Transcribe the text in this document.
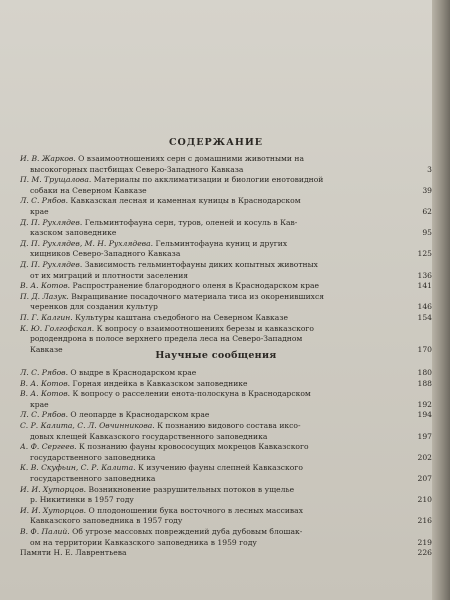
СОДЕРЖАНИЕ
И. В. Жарков. О взаимоотношениях серн с домашними животными на
высокогорных пастбищах Северо-Западного Кавказа	3
П. М. Трущалова. Материалы по акклиматизации и биологии енотовидной
собаки на Северном Кавказе	39
Л. С. Рябов. Кавказская лесная и каменная куницы в Краснодарском
крае	62
Д. П. Рухлядев. Гельминтофауна серн, туров, оленей и косуль в Кав-
казском заповеднике	95
Д. П. Рухлядев, М. Н. Рухлядева. Гельминтофауна куниц и других
хищников Северо-Западного Кавказа	125
Д. П. Рухлядев. Зависимость гельминтофауны диких копытных животных
от их миграций и плотности заселения	136
В. А. Котов. Распространение благородного оленя в Краснодарском крае	141
П. Д. Лазук. Выращивание посадочного материала тиса из окоренившихся
черенков для создания культур	146
П. Г. Калгин. Культуры каштана съедобного на Северном Кавказе	154
К. Ю. Голгофская. К вопросу о взаимоотношениях березы и кавказского
рододендрона в полосе верхнего предела леса на Северо-Западном
Кавказе	170
Научные сообщения
Л. С. Рябов. О выдре в Краснодарском крае	180
В. А. Котов. Горная индейка в Кавказском заповеднике	188
В. А. Котов. К вопросу о расселении енота-полоскуна в Краснодарском
крае	192
Л. С. Рябов. О леопарде в Краснодарском крае	194
С. Р. Калита, С. Л. Овчинникова. К познанию видового состава иксо-
довых клещей Кавказского государственного заповедника	197
А. Ф. Сергеев. К познанию фауны кровососущих мокрецов Кавказского
государственного заповедника	202
К. В. Скуфьин, С. Р. Калита. К изучению фауны слепней Кавказского
государственного заповедника	207
И. И. Хуторцов. Возникновение разрушительных потоков в ущелье
р. Никитинки в 1957 году	210
И. И. Хуторцов. О плодоношении бука восточного в лесных массивах
Кавказского заповедника в 1957 году	216
В. Ф. Палий. Об угрозе массовых повреждений дуба дубовым блошак-
ом на территории Кавказского заповедника в 1959 году	219
Памяти Н. Е. Лаврентьева	226
